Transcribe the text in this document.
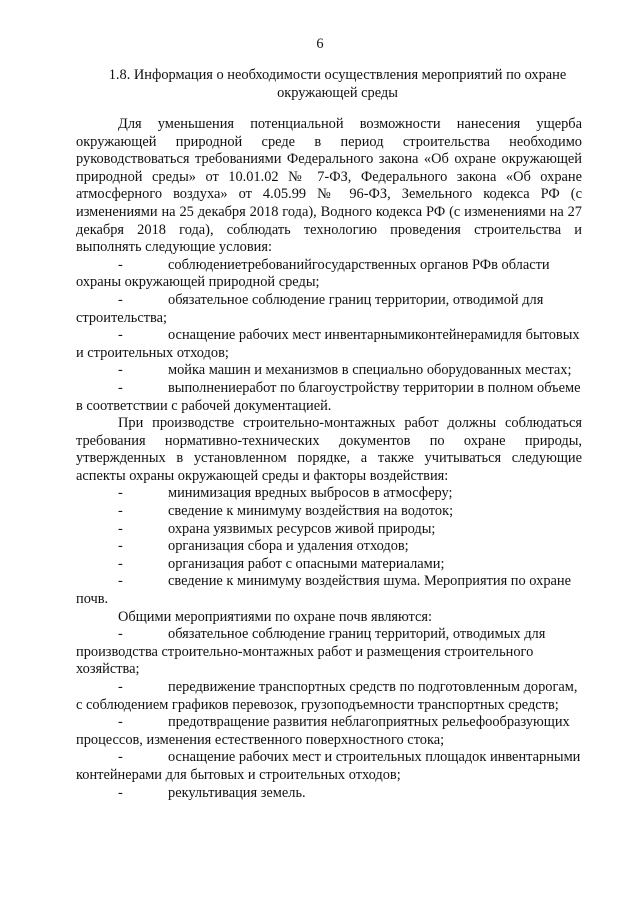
6
1.8. Информация о необходимости осуществления мероприятий по охране окружающей среды

Для уменьшения потенциальной возможности нанесения ущерба окружающей природной среде в период строительства необходимо руководствоваться требованиями Федерального закона «Об охране окружающей природной среды» от 10.01.02 № 7-ФЗ, Федерального закона «Об охране атмосферного воздуха» от 4.05.99 № 96-ФЗ, Земельного кодекса РФ (с изменениями на 25 декабря 2018 года), Водного кодекса РФ (с изменениями на 27 декабря 2018 года), соблюдать технологию проведения строительства и выполнять следующие условия:

-	соблюдениетребованийгосударственных органов РФв области охраны окружающей природной среды;

-	обязательное соблюдение границ территории, отводимой для строительства;

-	оснащение рабочих мест инвентарнымиконтейнерамидля бытовых и строительных отходов;

-	мойка машин и механизмов в специально оборудованных местах;

-	выполнениеработ по благоустройству территории в полном объеме в соответствии с рабочей документацией.

При производстве строительно-монтажных работ должны соблюдаться требования нормативно-технических документов по охране природы, утвержденных в установленном порядке, а также учитываться следующие аспекты охраны окружающей среды и факторы воздействия:

-	минимизация вредных выбросов в атмосферу;

-	сведение к минимуму воздействия на водоток;

-	охрана уязвимых ресурсов живой природы;

-	организация сбора и удаления отходов;

-	организация работ с опасными материалами;

-	сведение к минимуму воздействия шума. Мероприятия по охране почв.

Общими мероприятиями по охране почв являются:

-	обязательное соблюдение границ территорий, отводимых для производства строительно-монтажных работ и размещения строительного хозяйства;

-	передвижение транспортных средств по подготовленным дорогам, с соблюдением графиков перевозок, грузоподъемности транспортных средств;

-	предотвращение развития неблагоприятных рельефообразующих процессов, изменения естественного поверхностного стока;

-	оснащение рабочих мест и строительных площадок инвентарными контейнерами для бытовых и строительных отходов;

-	рекультивация земель.
